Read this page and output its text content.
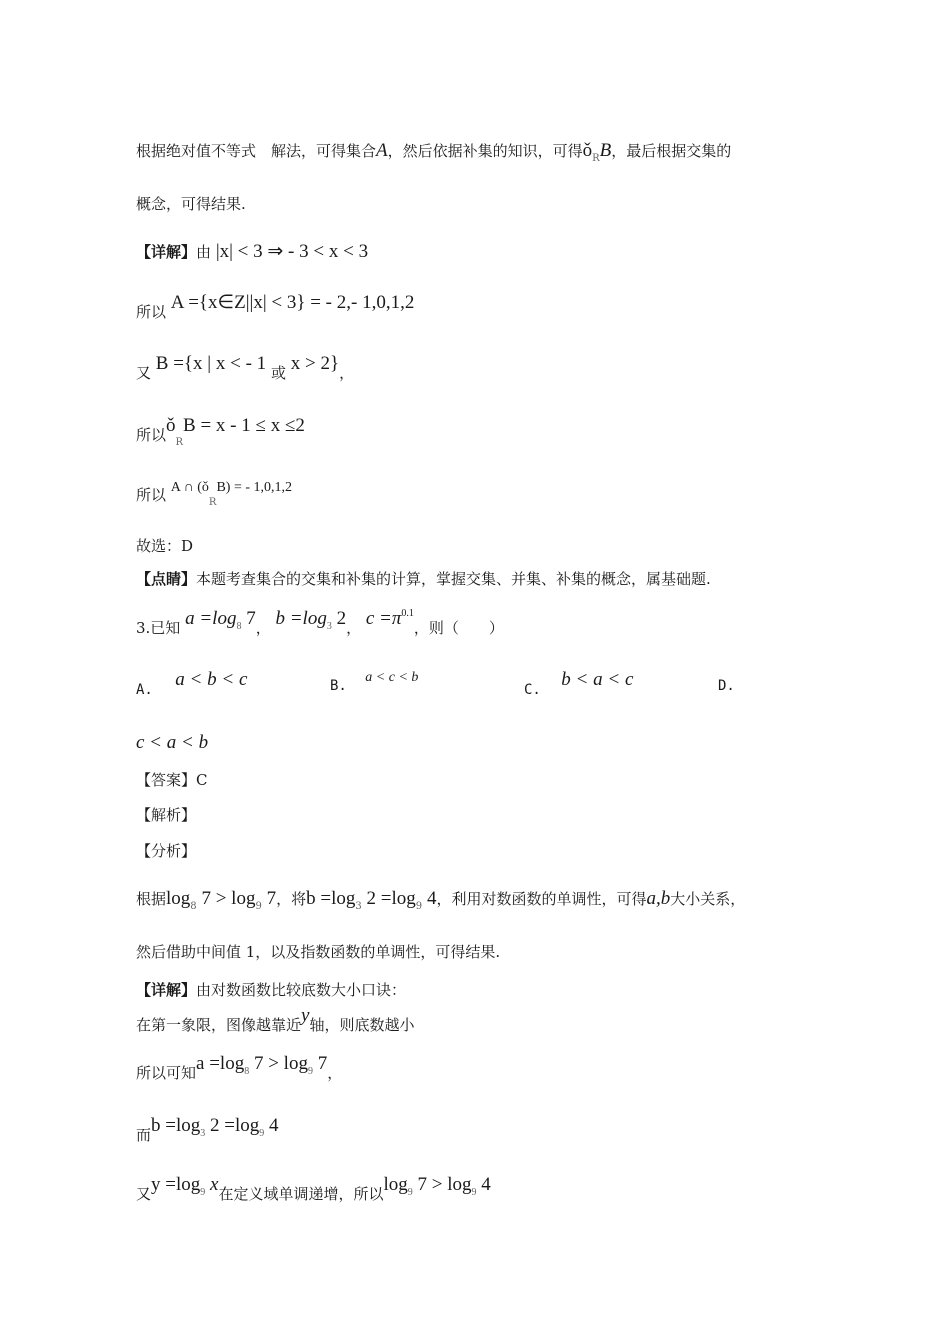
根据绝对值不等式　解法，可得集合A，然后依据补集的知识，可得$ǒ_RB$，最后根据交集的
概念，可得结果.
【详解】由 |x| < 3 ⇒ - 3 < x < 3
所以 A ={x∈Z||x| < 3} = - 2,- 1,0,1,2
又 B ={x | x < - 1 或 x > 2}，
所以$ǒ_RB = x - 1 \le x \le 2$
所以 A ∩ $(ǒ_RB)$ = - 1,0,1,2
故选：D
【点睛】本题考查集合的交集和补集的计算，掌握交集、并集、补集的概念，属基础题.
3.已知 $a =\log_8$ 7， $b =\log_3$ 2， $c =\pi^{0.1}$，则（　　）
A. a < b < c	B. a < c < b
C. b < a < c	D.
c < a < b
【答案】C
【解析】
【分析】
根据$\log_8 7 > \log_9 7$，将$b =\log_3$ $2 =\log_9$ 4，利用对数函数的单调性，可得a,b大小关系，
然后借助中间值 1，以及指数函数的单调性，可得结果.
【详解】由对数函数比较底数大小口诀：
在第一象限，图像越靠近y轴，则底数越小
所以可知$a =\log_8$ $7 > \log_9 7$，
而$b =\log_3$ $2 =\log_9$ 4
又$y =\log_9$ x在定义域单调递增，所以$\log_9 7 > \log_9 4$
